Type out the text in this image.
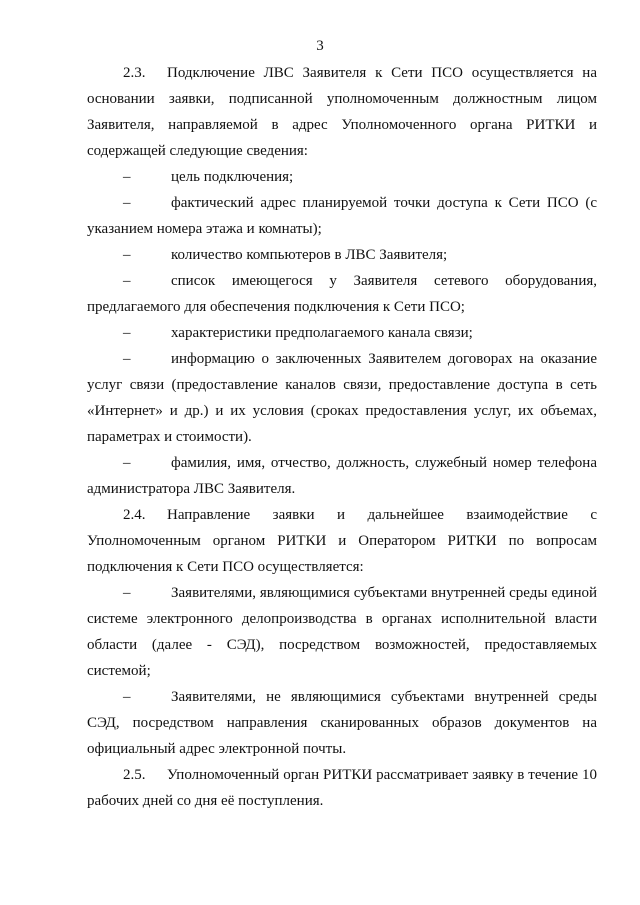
3

2.3. Подключение ЛВС Заявителя к Сети ПСО осуществляется на основании заявки, подписанной уполномоченным должностным лицом Заявителя, направляемой в адрес Уполномоченного органа РИТКИ и содержащей следующие сведения:

–	цель подключения;

–	фактический адрес планируемой точки доступа к Сети ПСО (с указанием номера этажа и комнаты);

–	количество компьютеров в ЛВС Заявителя;

–	список имеющегося у Заявителя сетевого оборудования, предлагаемого для обеспечения подключения к Сети ПСО;

–	характеристики предполагаемого канала связи;

–	информацию о заключенных Заявителем договорах на оказание услуг связи (предоставление каналов связи, предоставление доступа в сеть «Интернет» и др.) и их условия (сроках предоставления услуг, их объемах, параметрах и стоимости).

–	фамилия, имя, отчество, должность, служебный номер телефона администратора ЛВС Заявителя.

2.4. Направление заявки и дальнейшее взаимодействие с Уполномоченным органом РИТКИ и Оператором РИТКИ по вопросам подключения к Сети ПСО осуществляется:

–	Заявителями, являющимися субъектами внутренней среды единой системе электронного делопроизводства в органах исполнительной власти области (далее - СЭД), посредством возможностей, предоставляемых системой;

–	Заявителями, не являющимися субъектами внутренней среды СЭД, посредством направления сканированных образов документов на официальный адрес электронной почты.

2.5. Уполномоченный орган РИТКИ рассматривает заявку в течение 10 рабочих дней со дня её поступления.
